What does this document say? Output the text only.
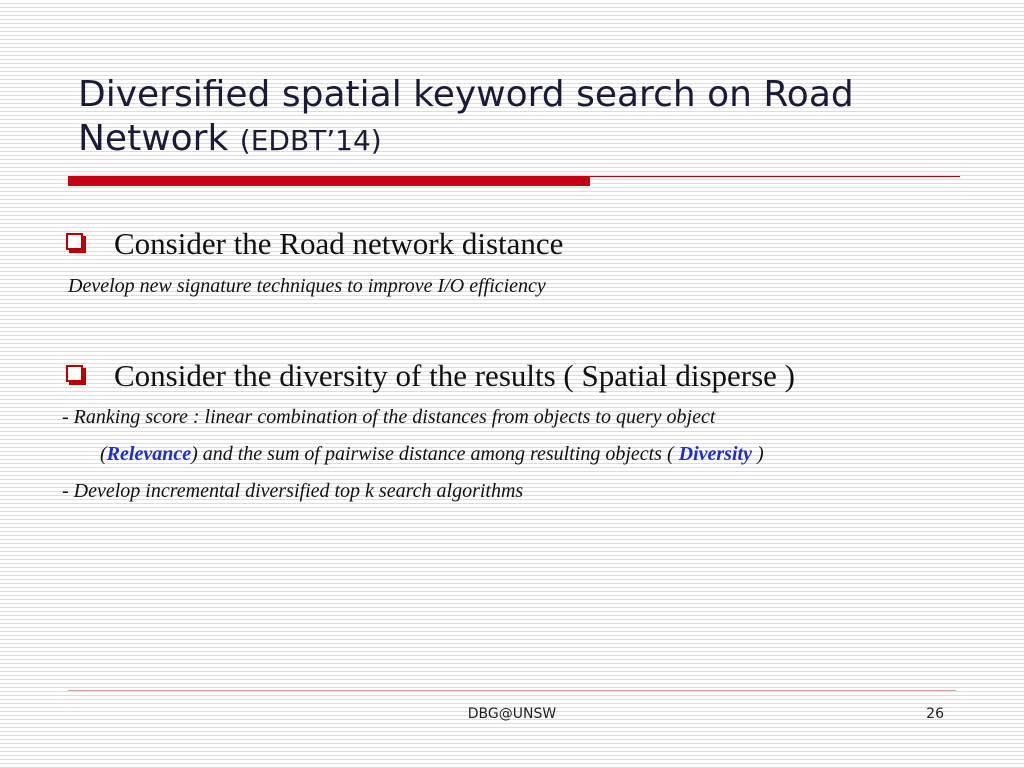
Diversified spatial keyword search on Road Network (EDBT’14)
Consider the Road network distance
Develop new signature techniques to improve I/O efficiency
Consider the diversity of the results ( Spatial disperse )
- Ranking score : linear combination of the distances from objects to query object
(Relevance) and the sum of pairwise distance among resulting objects ( Diversity )
- Develop incremental diversified top k search algorithms
DBG@UNSW	26
